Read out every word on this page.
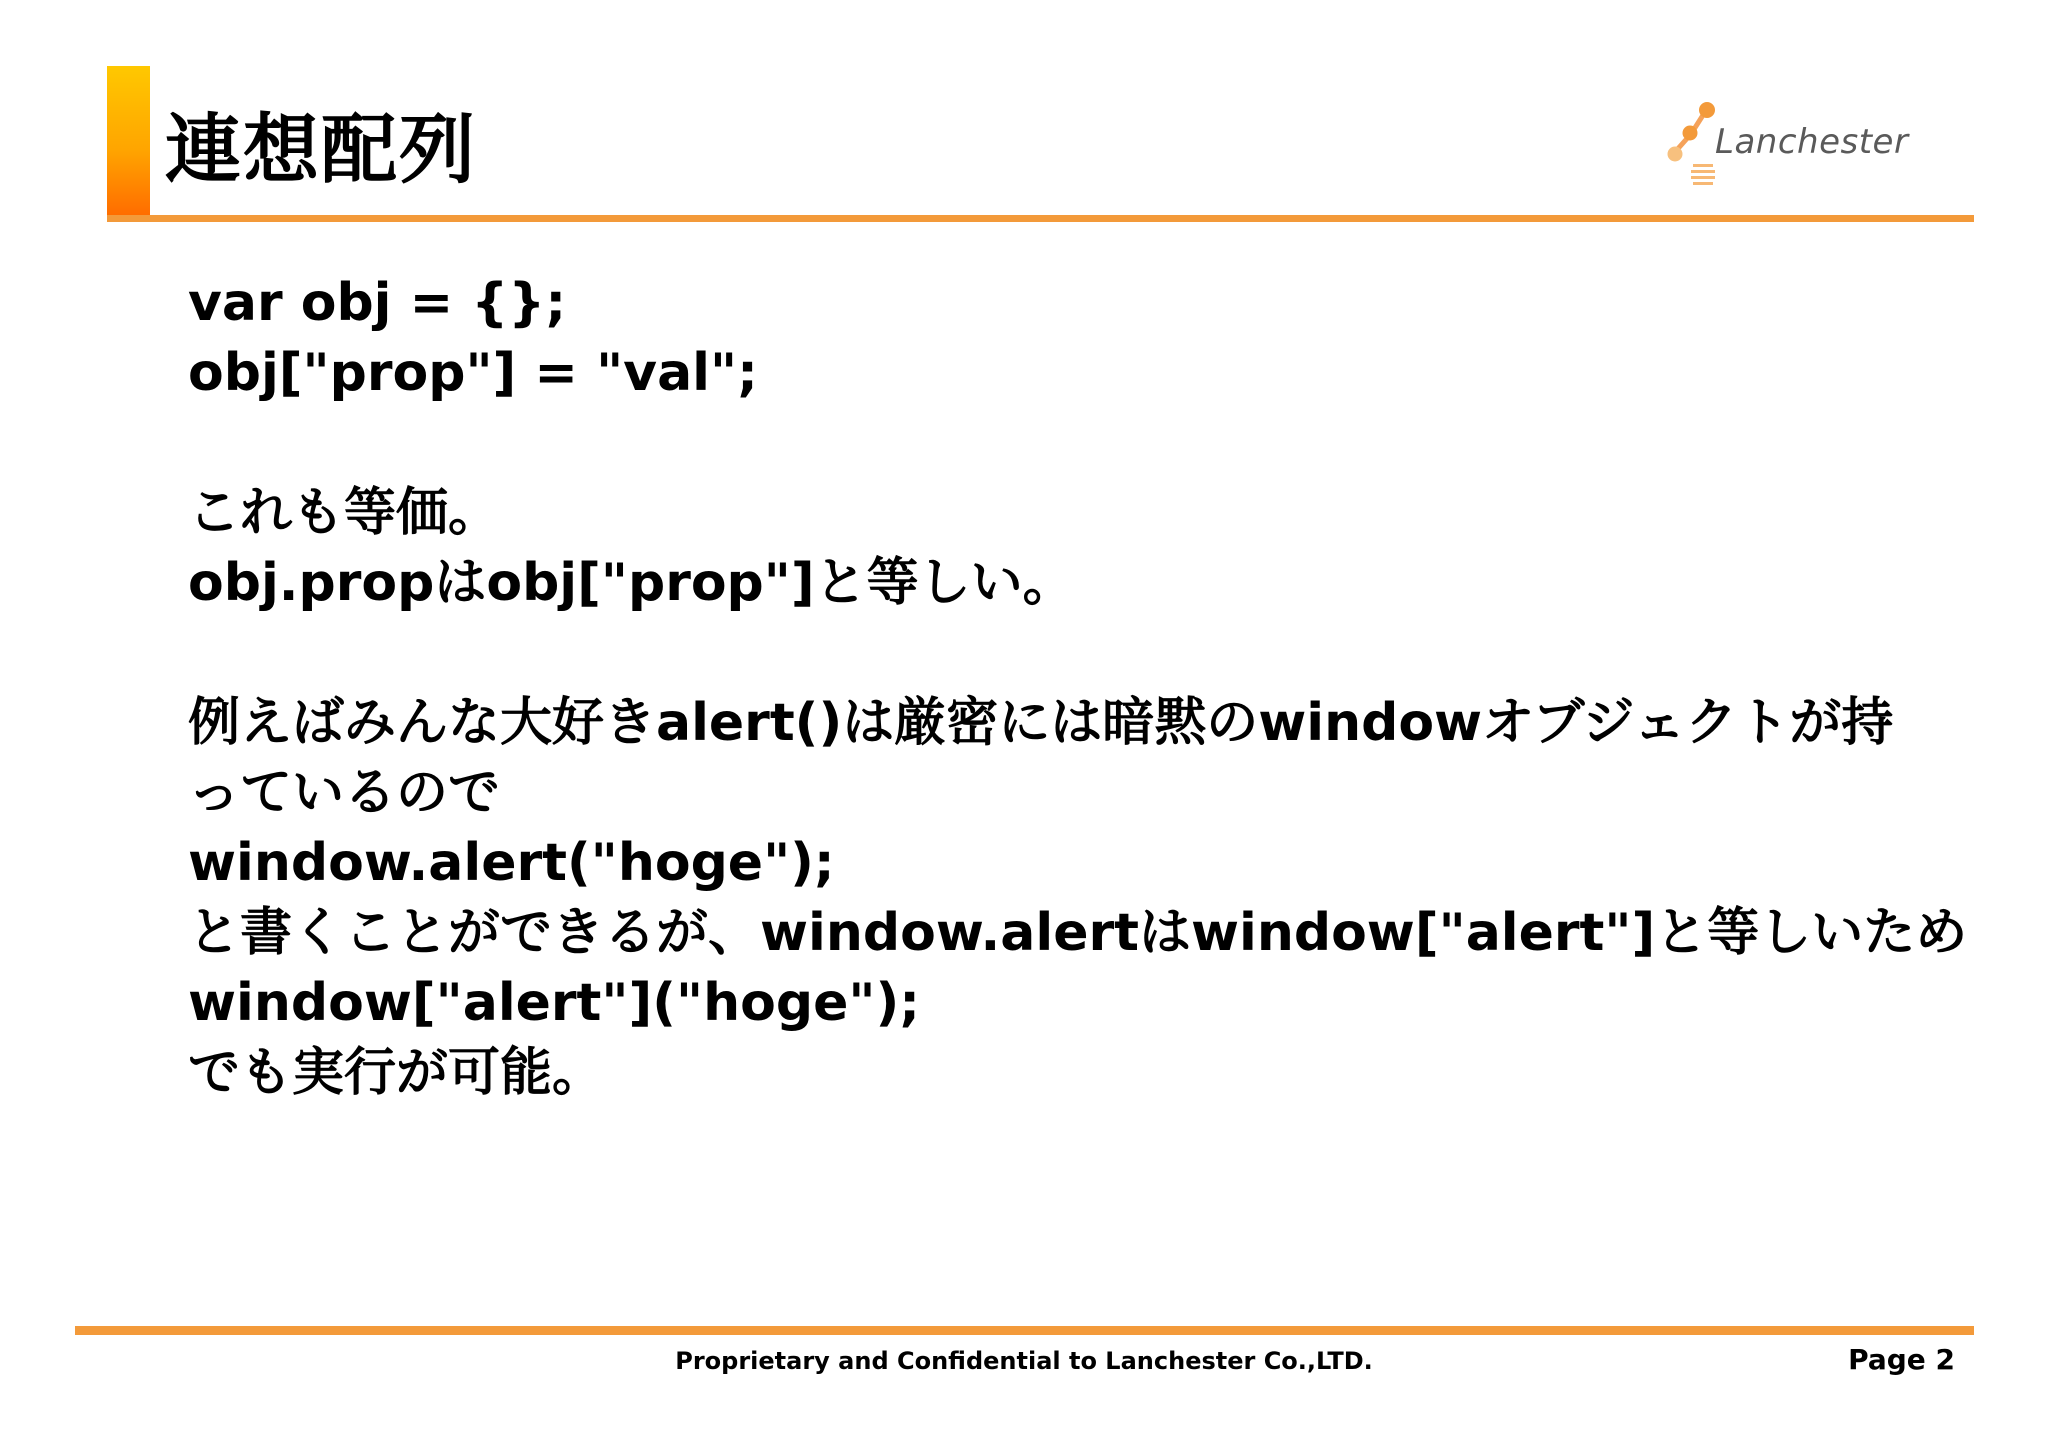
連想配列	Lanchester
var obj = {};
obj["prop"] = "val";
これも等価。
obj.propはobj["prop"]と等しい。
例えばみんな大好きalert()は厳密には暗黙のwindowオブジェクトが持っているので
window.alert("hoge");
と書くことができるが、window.alertはwindow["alert"]と等しいため
window["alert"]("hoge");
でも実行が可能。
Proprietary and Confidential to Lanchester Co.,LTD.	Page 2
